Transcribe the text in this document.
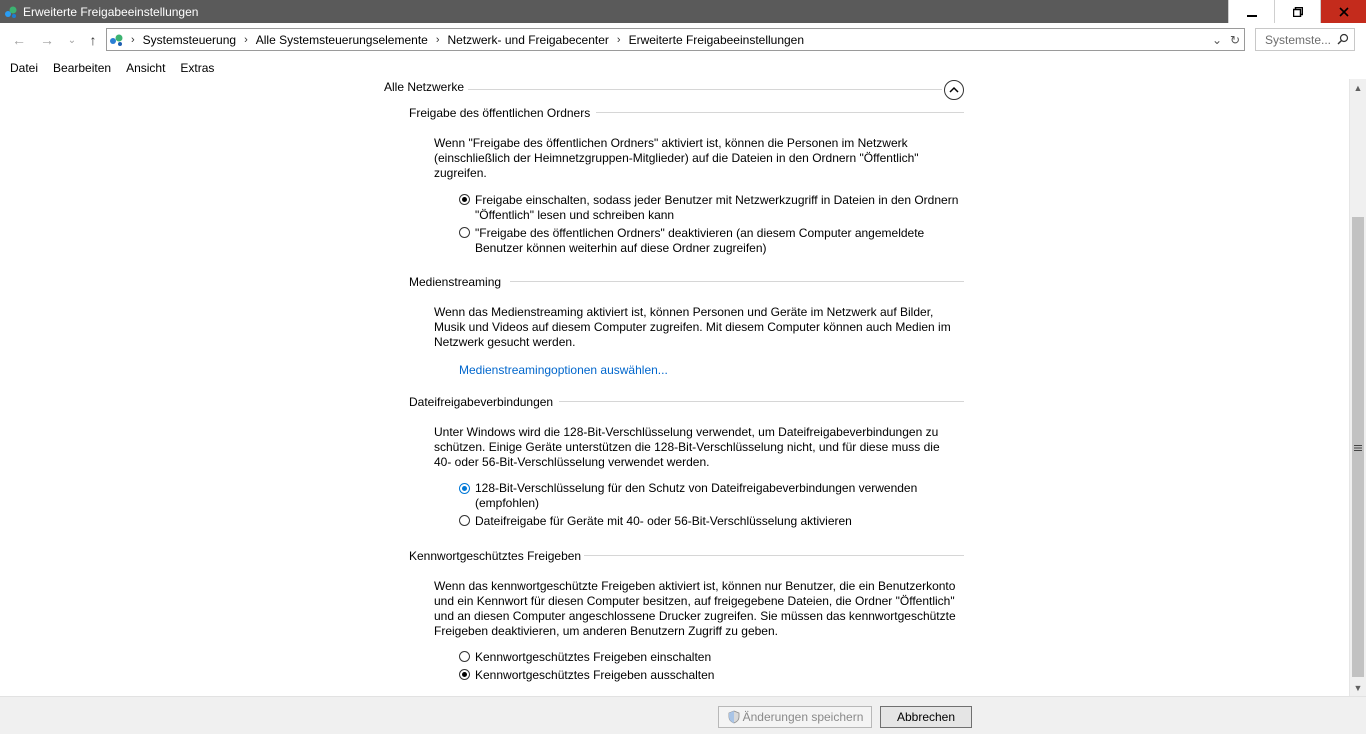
Erweiterte Freigabeeinstellungen
← → ⌄ ↑	› Systemsteuerung › Alle Systemsteuerungselemente › Netzwerk- und Freigabecenter › Erweiterte Freigabeeinstellungen	⌄ ↻	Systemste...
Datei Bearbeiten Ansicht Extras
Alle Netzwerke
Freigabe des öffentlichen Ordners
Wenn "Freigabe des öffentlichen Ordners" aktiviert ist, können die Personen im Netzwerk (einschließlich der Heimnetzgruppen-Mitglieder) auf die Dateien in den Ordnern "Öffentlich" zugreifen.
Freigabe einschalten, sodass jeder Benutzer mit Netzwerkzugriff in Dateien in den Ordnern "Öffentlich" lesen und schreiben kann
"Freigabe des öffentlichen Ordners" deaktivieren (an diesem Computer angemeldete Benutzer können weiterhin auf diese Ordner zugreifen)
Medienstreaming
Wenn das Medienstreaming aktiviert ist, können Personen und Geräte im Netzwerk auf Bilder, Musik und Videos auf diesem Computer zugreifen. Mit diesem Computer können auch Medien im Netzwerk gesucht werden.
Medienstreamingoptionen auswählen...
Dateifreigabeverbindungen
Unter Windows wird die 128-Bit-Verschlüsselung verwendet, um Dateifreigabeverbindungen zu schützen. Einige Geräte unterstützen die 128-Bit-Verschlüsselung nicht, und für diese muss die 40- oder 56-Bit-Verschlüsselung verwendet werden.
128-Bit-Verschlüsselung für den Schutz von Dateifreigabeverbindungen verwenden (empfohlen)
Dateifreigabe für Geräte mit 40- oder 56-Bit-Verschlüsselung aktivieren
Kennwortgeschütztes Freigeben
Wenn das kennwortgeschützte Freigeben aktiviert ist, können nur Benutzer, die ein Benutzerkonto und ein Kennwort für diesen Computer besitzen, auf freigegebene Dateien, die Ordner "Öffentlich" und an diesen Computer angeschlossene Drucker zugreifen. Sie müssen das kennwortgeschützte Freigeben deaktivieren, um anderen Benutzern Zugriff zu geben.
Kennwortgeschütztes Freigeben einschalten
Kennwortgeschütztes Freigeben ausschalten
▲
▼
Änderungen speichern	Abbrechen
